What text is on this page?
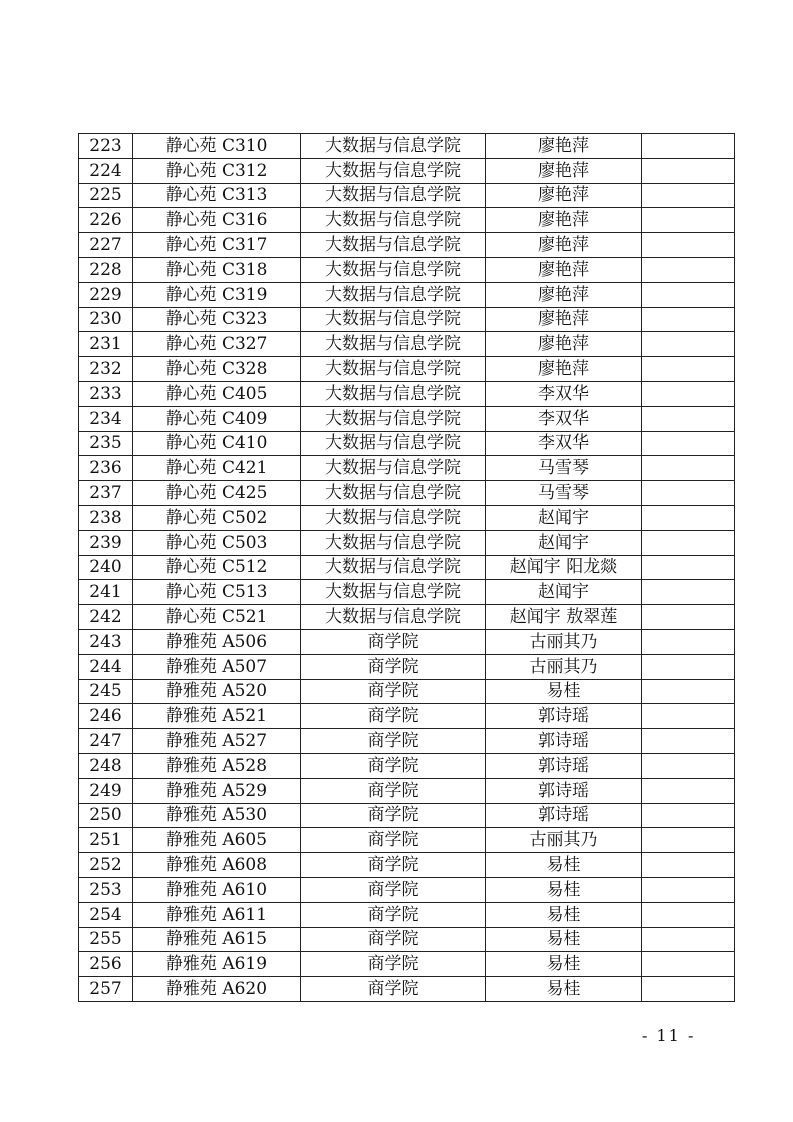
223	静心苑 C310	大数据与信息学院	廖艳萍	
224	静心苑 C312	大数据与信息学院	廖艳萍	
225	静心苑 C313	大数据与信息学院	廖艳萍	
226	静心苑 C316	大数据与信息学院	廖艳萍	
227	静心苑 C317	大数据与信息学院	廖艳萍	
228	静心苑 C318	大数据与信息学院	廖艳萍	
229	静心苑 C319	大数据与信息学院	廖艳萍	
230	静心苑 C323	大数据与信息学院	廖艳萍	
231	静心苑 C327	大数据与信息学院	廖艳萍	
232	静心苑 C328	大数据与信息学院	廖艳萍	
233	静心苑 C405	大数据与信息学院	李双华	
234	静心苑 C409	大数据与信息学院	李双华	
235	静心苑 C410	大数据与信息学院	李双华	
236	静心苑 C421	大数据与信息学院	马雪琴	
237	静心苑 C425	大数据与信息学院	马雪琴	
238	静心苑 C502	大数据与信息学院	赵闻宇	
239	静心苑 C503	大数据与信息学院	赵闻宇	
240	静心苑 C512	大数据与信息学院	赵闻宇 阳龙燚	
241	静心苑 C513	大数据与信息学院	赵闻宇	
242	静心苑 C521	大数据与信息学院	赵闻宇 敖翠莲	
243	静雅苑 A506	商学院	古丽其乃	
244	静雅苑 A507	商学院	古丽其乃	
245	静雅苑 A520	商学院	易桂	
246	静雅苑 A521	商学院	郭诗瑶	
247	静雅苑 A527	商学院	郭诗瑶	
248	静雅苑 A528	商学院	郭诗瑶	
249	静雅苑 A529	商学院	郭诗瑶	
250	静雅苑 A530	商学院	郭诗瑶	
251	静雅苑 A605	商学院	古丽其乃	
252	静雅苑 A608	商学院	易桂	
253	静雅苑 A610	商学院	易桂	
254	静雅苑 A611	商学院	易桂	
255	静雅苑 A615	商学院	易桂	
256	静雅苑 A619	商学院	易桂	
257	静雅苑 A620	商学院	易桂	
- 11 -
